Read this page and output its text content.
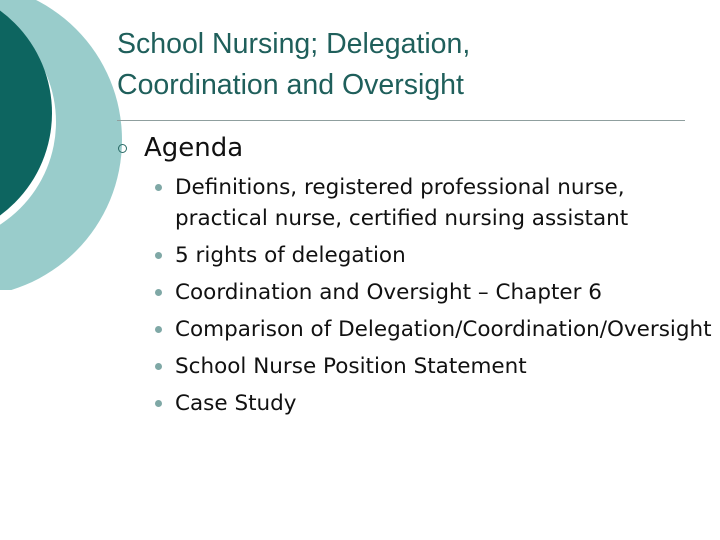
School Nursing; Delegation,
Coordination and Oversight
Agenda
Definitions, registered professional nurse, practical nurse, certified nursing assistant
5 rights of delegation
Coordination and Oversight – Chapter 6
Comparison of Delegation/Coordination/Oversight
School Nurse Position Statement
Case Study
